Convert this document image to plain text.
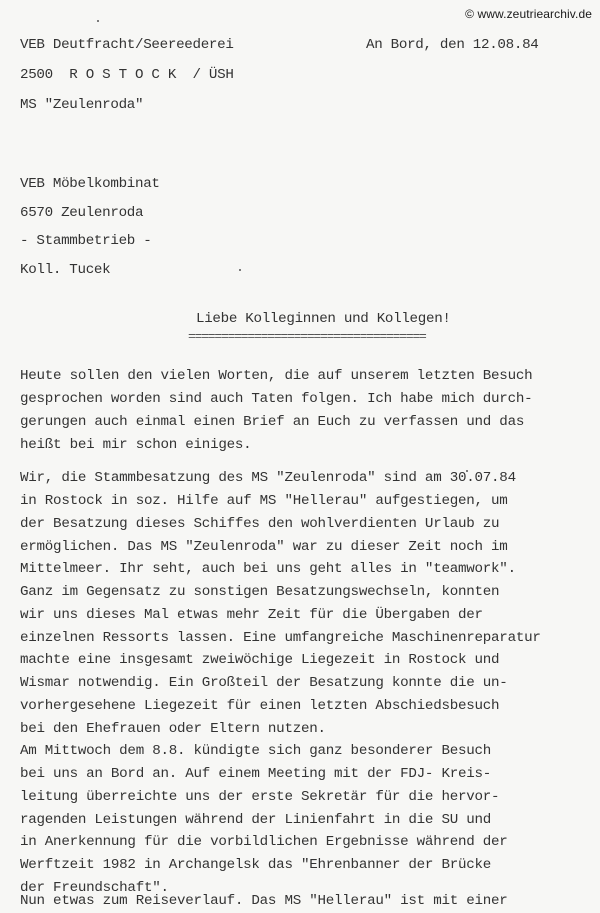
© www.zeutriearchiv.de
VEB Deutfracht/Seereederei
2500  R O S T O C K  / ÜSH
MS "Zeulenroda"
An Bord, den 12.08.84
VEB Möbelkombinat
6570 Zeulenroda
- Stammbetrieb -
Koll. Tucek
Liebe Kolleginnen und Kollegen!
====================================
Heute sollen den vielen Worten, die auf unserem letzten Besuch
gesprochen worden sind auch Taten folgen. Ich habe mich durch-
gerungen auch einmal einen Brief an Euch zu verfassen und das
heißt bei mir schon einiges.
Wir, die Stammbesatzung des MS "Zeulenroda" sind am 30.07.84
in Rostock in soz. Hilfe auf MS "Hellerau" aufgestiegen, um
der Besatzung dieses Schiffes den wohlverdienten Urlaub zu
ermöglichen. Das MS "Zeulenroda" war zu dieser Zeit noch im
Mittelmeer. Ihr seht, auch bei uns geht alles in "teamwork".
Ganz im Gegensatz zu sonstigen Besatzungswechseln, konnten
wir uns dieses Mal etwas mehr Zeit für die Übergaben der
einzelnen Ressorts lassen. Eine umfangreiche Maschinenreparatur
machte eine insgesamt zweiwöchige Liegezeit in Rostock und
Wismar notwendig. Ein Großteil der Besatzung konnte die un-
vorhergesehene Liegezeit für einen letzten Abschiedsbesuch
bei den Ehefrauen oder Eltern nutzen.
Am Mittwoch dem 8.8. kündigte sich ganz besonderer Besuch
bei uns an Bord an. Auf einem Meeting mit der FDJ- Kreis-
leitung überreichte uns der erste Sekretär für die hervor-
ragenden Leistungen während der Linienfahrt in die SU und
in Anerkennung für die vorbildlichen Ergebnisse während der
Werftzeit 1982 in Archangelsk das "Ehrenbanner der Brücke
der Freundschaft".
Nun etwas zum Reiseverlauf. Das MS "Hellerau" ist mit einer
